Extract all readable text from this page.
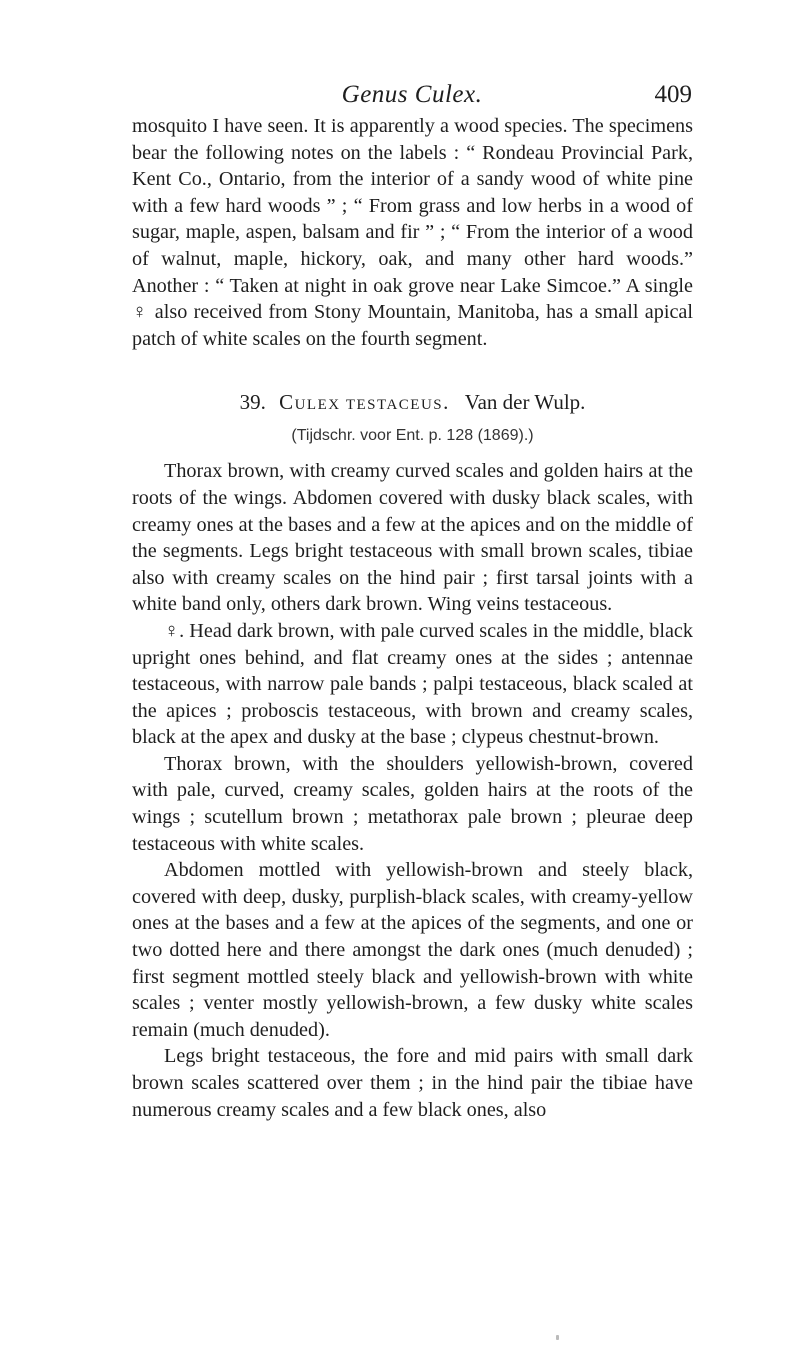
Genus Culex.	409

mosquito I have seen. It is apparently a wood species. The specimens bear the following notes on the labels : “ Rondeau Provincial Park, Kent Co., Ontario, from the interior of a sandy wood of white pine with a few hard woods ” ; “ From grass and low herbs in a wood of sugar, maple, aspen, balsam and fir ” ; “ From the interior of a wood of walnut, maple, hickory, oak, and many other hard woods.” Another : “ Taken at night in oak grove near Lake Simcoe.” A single ♀ also received from Stony Mountain, Manitoba, has a small apical patch of white scales on the fourth segment.

39. Culex testaceus. Van der Wulp.

(Tijdschr. voor Ent. p. 128 (1869).)

Thorax brown, with creamy curved scales and golden hairs at the roots of the wings. Abdomen covered with dusky black scales, with creamy ones at the bases and a few at the apices and on the middle of the segments. Legs bright testaceous with small brown scales, tibiae also with creamy scales on the hind pair ; first tarsal joints with a white band only, others dark brown. Wing veins testaceous.

♀. Head dark brown, with pale curved scales in the middle, black upright ones behind, and flat creamy ones at the sides ; antennae testaceous, with narrow pale bands ; palpi testaceous, black scaled at the apices ; proboscis testaceous, with brown and creamy scales, black at the apex and dusky at the base ; clypeus chestnut-brown.

Thorax brown, with the shoulders yellowish-brown, covered with pale, curved, creamy scales, golden hairs at the roots of the wings ; scutellum brown ; metathorax pale brown ; pleurae deep testaceous with white scales.

Abdomen mottled with yellowish-brown and steely black, covered with deep, dusky, purplish-black scales, with creamy-yellow ones at the bases and a few at the apices of the segments, and one or two dotted here and there amongst the dark ones (much denuded) ; first segment mottled steely black and yellowish-brown with white scales ; venter mostly yellowish-brown, a few dusky white scales remain (much denuded).

Legs bright testaceous, the fore and mid pairs with small dark brown scales scattered over them ; in the hind pair the tibiae have numerous creamy scales and a few black ones, also
